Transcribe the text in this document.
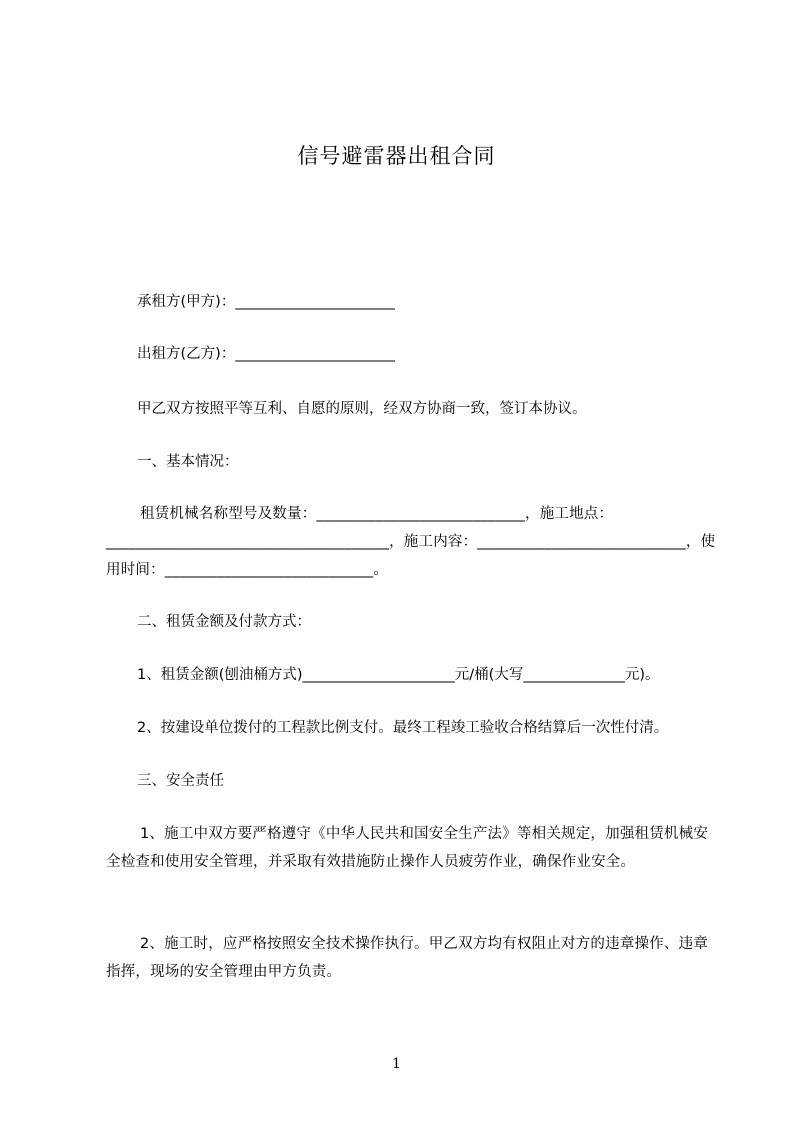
信号避雷器出租合同
承租方(甲方)：______________________
出租方(乙方)：______________________
甲乙双方按照平等互利、自愿的原则，经双方协商一致，签订本协议。
一、基本情况：
租赁机械名称型号及数量：____________________________，施工地点：______________________________________，施工内容：____________________________，使用时间：____________________________。
二、租赁金额及付款方式：
1、租赁金额(刨油桶方式)_____________________元/桶(大写______________元)。
2、按建设单位拨付的工程款比例支付。最终工程竣工验收合格结算后一次性付清。
三、安全责任
1、施工中双方要严格遵守《中华人民共和国安全生产法》等相关规定，加强租赁机械安全检查和使用安全管理，并采取有效措施防止操作人员疲劳作业，确保作业安全。
2、施工时，应严格按照安全技术操作执行。甲乙双方均有权阻止对方的违章操作、违章指挥，现场的安全管理由甲方负责。
1
